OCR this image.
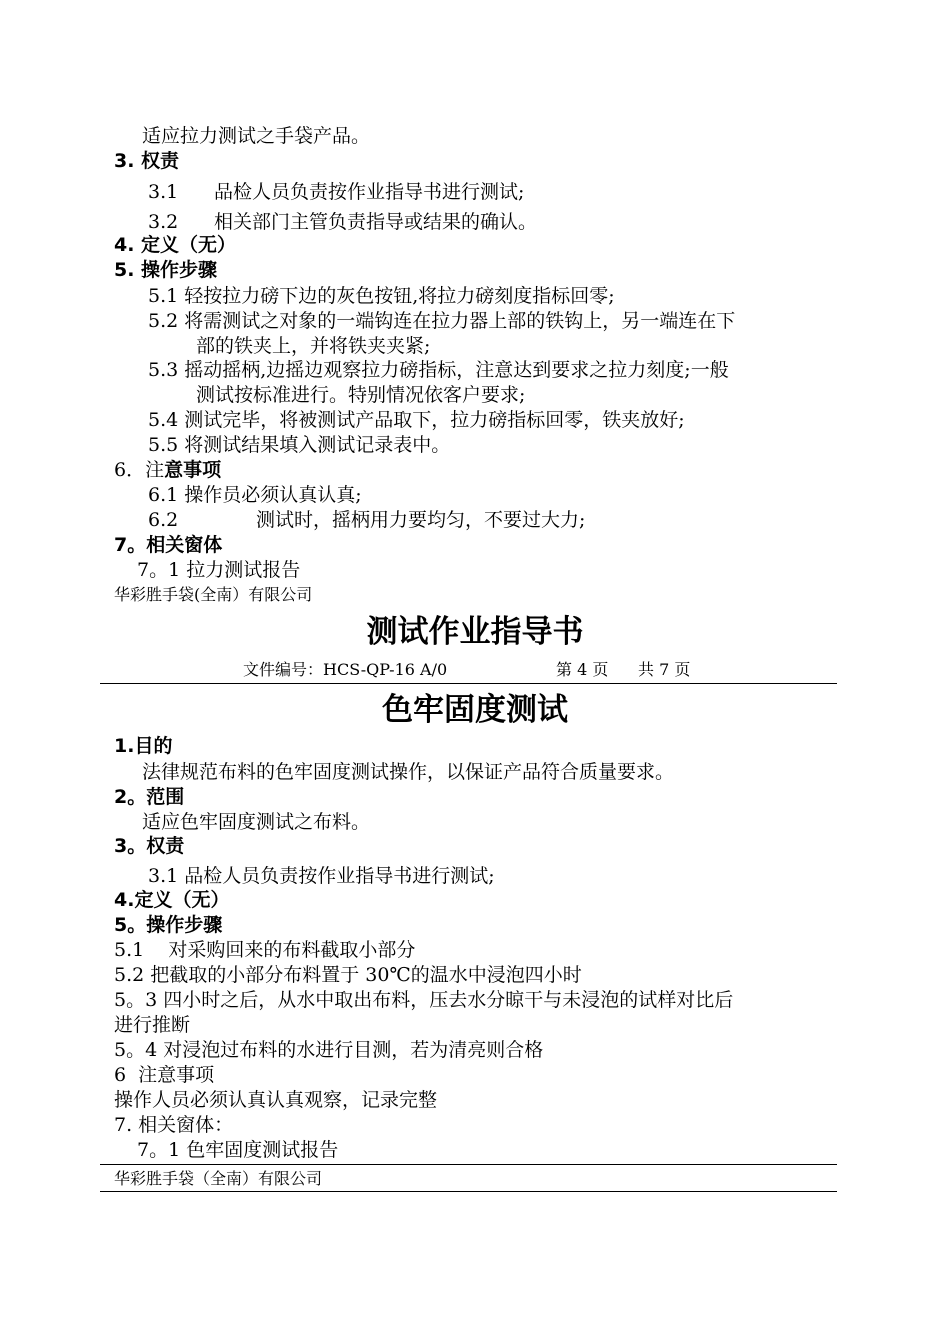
适应拉力测试之手袋产品。
3. 权责
3.1 品检人员负责按作业指导书进行测试;
3.2 相关部门主管负责指导或结果的确认。
4. 定义（无）
5. 操作步骤
5.1 轻按拉力磅下边的灰色按钮,将拉力磅刻度指标回零;
5.2 将需测试之对象的一端钩连在拉力器上部的铁钩上，另一端连在下
部的铁夹上，并将铁夹夹紧;
5.3 摇动摇柄,边摇边观察拉力磅指标，注意达到要求之拉力刻度;一般
测试按标准进行。特别情况依客户要求;
5.4 测试完毕，将被测试产品取下，拉力磅指标回零，铁夹放好;
5.5 将测试结果填入测试记录表中。
6．注意事项
6.1 操作员必须认真认真;
6.2	测试时，摇柄用力要均匀，不要过大力;
7。相关窗体
7。1 拉力测试报告
华彩胜手袋(全南）有限公司
测试作业指导书
文件编号：HCS-QP-16 A/0	第 4 页 共 7 页
色牢固度测试
1.目的
法律规范布料的色牢固度测试操作，以保证产品符合质量要求。
2。范围
适应色牢固度测试之布料。
3。权责
3.1 品检人员负责按作业指导书进行测试;
4.定义（无）
5。操作步骤
5.1    对采购回来的布料截取小部分
5.2 把截取的小部分布料置于 30℃的温水中浸泡四小时
5。3 四小时之后，从水中取出布料，压去水分晾干与未浸泡的试样对比后
进行推断
5。4 对浸泡过布料的水进行目测，若为清亮则合格
6  注意事项
操作人员必须认真认真观察，记录完整
7. 相关窗体：
7。1 色牢固度测试报告
华彩胜手袋（全南）有限公司
